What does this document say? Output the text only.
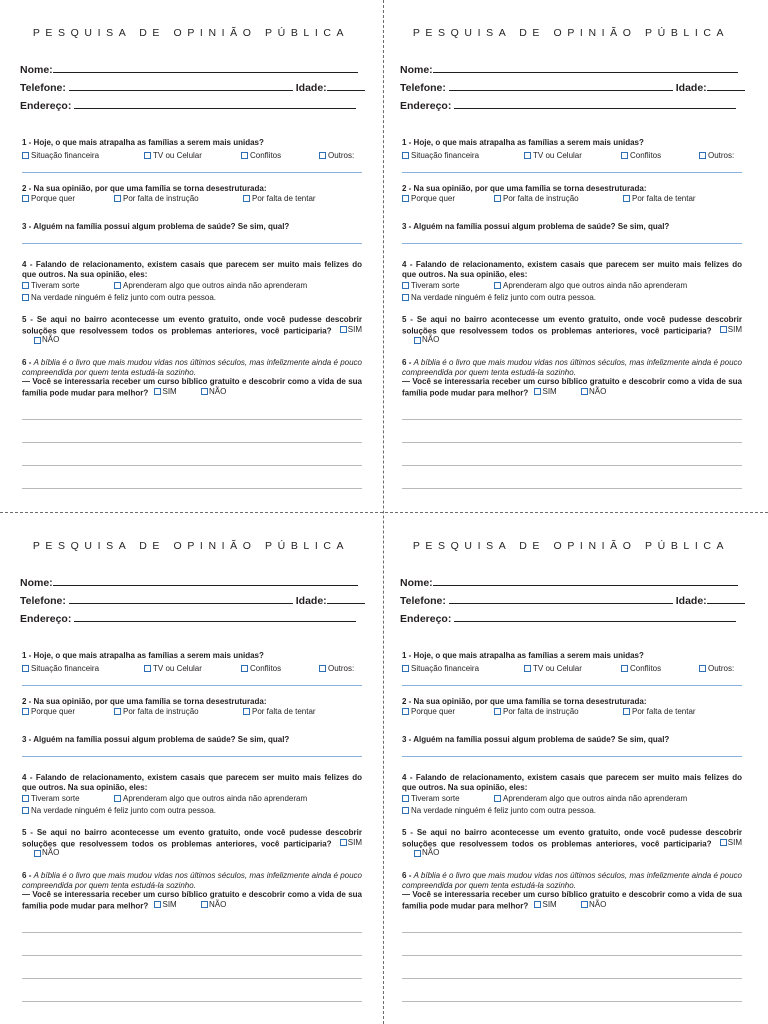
PESQUISA DE OPINIÃO PÚBLICA
Nome:
Telefone:	Idade:
Endereço:
1 - Hoje, o que mais atrapalha as famílias a serem mais unidas?
Situação financeira	TV ou Celular	Conflitos	Outros:
2 - Na sua opinião, por que uma família se torna desestruturada:
Porque quer	Por falta de instrução	Por falta de tentar
3 - Alguém na família possui algum problema de saúde? Se sim, qual?
4 - Falando de relacionamento, existem casais que parecem ser muito mais felizes do que outros. Na sua opinião, eles:
Tiveram sorte	Aprenderam algo que outros ainda não aprenderam
Na verdade ninguém é feliz junto com outra pessoa.
5 - Se aqui no bairro acontecesse um evento gratuito, onde você pudesse descobrir soluções que resolvessem todos os problemas anteriores, você participaria? SIM

NÃO
6 - A bíblia é o livro que mais mudou vidas nos últimos séculos, mas infelizmente ainda é pouco compreendida por quem tenta estudá-la sozinho.
— Você se interessaria receber um curso bíblico gratuito e descobrir como a vida de sua família pode mudar para melhor? SIM
	NÃO
PESQUISA DE OPINIÃO PÚBLICA
Nome:
Telefone:	Idade:
Endereço:
1 - Hoje, o que mais atrapalha as famílias a serem mais unidas?
Situação financeira	TV ou Celular	Conflitos	Outros:
2 - Na sua opinião, por que uma família se torna desestruturada:
Porque quer	Por falta de instrução	Por falta de tentar
3 - Alguém na família possui algum problema de saúde? Se sim, qual?
4 - Falando de relacionamento, existem casais que parecem ser muito mais felizes do que outros. Na sua opinião, eles:
Tiveram sorte	Aprenderam algo que outros ainda não aprenderam
Na verdade ninguém é feliz junto com outra pessoa.
5 - Se aqui no bairro acontecesse um evento gratuito, onde você pudesse descobrir soluções que resolvessem todos os problemas anteriores, você participaria? SIM

NÃO
6 - A bíblia é o livro que mais mudou vidas nos últimos séculos, mas infelizmente ainda é pouco compreendida por quem tenta estudá-la sozinho.
— Você se interessaria receber um curso bíblico gratuito e descobrir como a vida de sua família pode mudar para melhor? SIM
	NÃO
PESQUISA DE OPINIÃO PÚBLICA
Nome:
Telefone:	Idade:
Endereço:
1 - Hoje, o que mais atrapalha as famílias a serem mais unidas?
Situação financeira	TV ou Celular	Conflitos	Outros:
2 - Na sua opinião, por que uma família se torna desestruturada:
Porque quer	Por falta de instrução	Por falta de tentar
3 - Alguém na família possui algum problema de saúde? Se sim, qual?
4 - Falando de relacionamento, existem casais que parecem ser muito mais felizes do que outros. Na sua opinião, eles:
Tiveram sorte	Aprenderam algo que outros ainda não aprenderam
Na verdade ninguém é feliz junto com outra pessoa.
5 - Se aqui no bairro acontecesse um evento gratuito, onde você pudesse descobrir soluções que resolvessem todos os problemas anteriores, você participaria? SIM

NÃO
6 - A bíblia é o livro que mais mudou vidas nos últimos séculos, mas infelizmente ainda é pouco compreendida por quem tenta estudá-la sozinho.
— Você se interessaria receber um curso bíblico gratuito e descobrir como a vida de sua família pode mudar para melhor? SIM
	NÃO
PESQUISA DE OPINIÃO PÚBLICA
Nome:
Telefone:	Idade:
Endereço:
1 - Hoje, o que mais atrapalha as famílias a serem mais unidas?
Situação financeira	TV ou Celular	Conflitos	Outros:
2 - Na sua opinião, por que uma família se torna desestruturada:
Porque quer	Por falta de instrução	Por falta de tentar
3 - Alguém na família possui algum problema de saúde? Se sim, qual?
4 - Falando de relacionamento, existem casais que parecem ser muito mais felizes do que outros. Na sua opinião, eles:
Tiveram sorte	Aprenderam algo que outros ainda não aprenderam
Na verdade ninguém é feliz junto com outra pessoa.
5 - Se aqui no bairro acontecesse um evento gratuito, onde você pudesse descobrir soluções que resolvessem todos os problemas anteriores, você participaria? SIM

NÃO
6 - A bíblia é o livro que mais mudou vidas nos últimos séculos, mas infelizmente ainda é pouco compreendida por quem tenta estudá-la sozinho.
— Você se interessaria receber um curso bíblico gratuito e descobrir como a vida de sua família pode mudar para melhor? SIM
	NÃO
